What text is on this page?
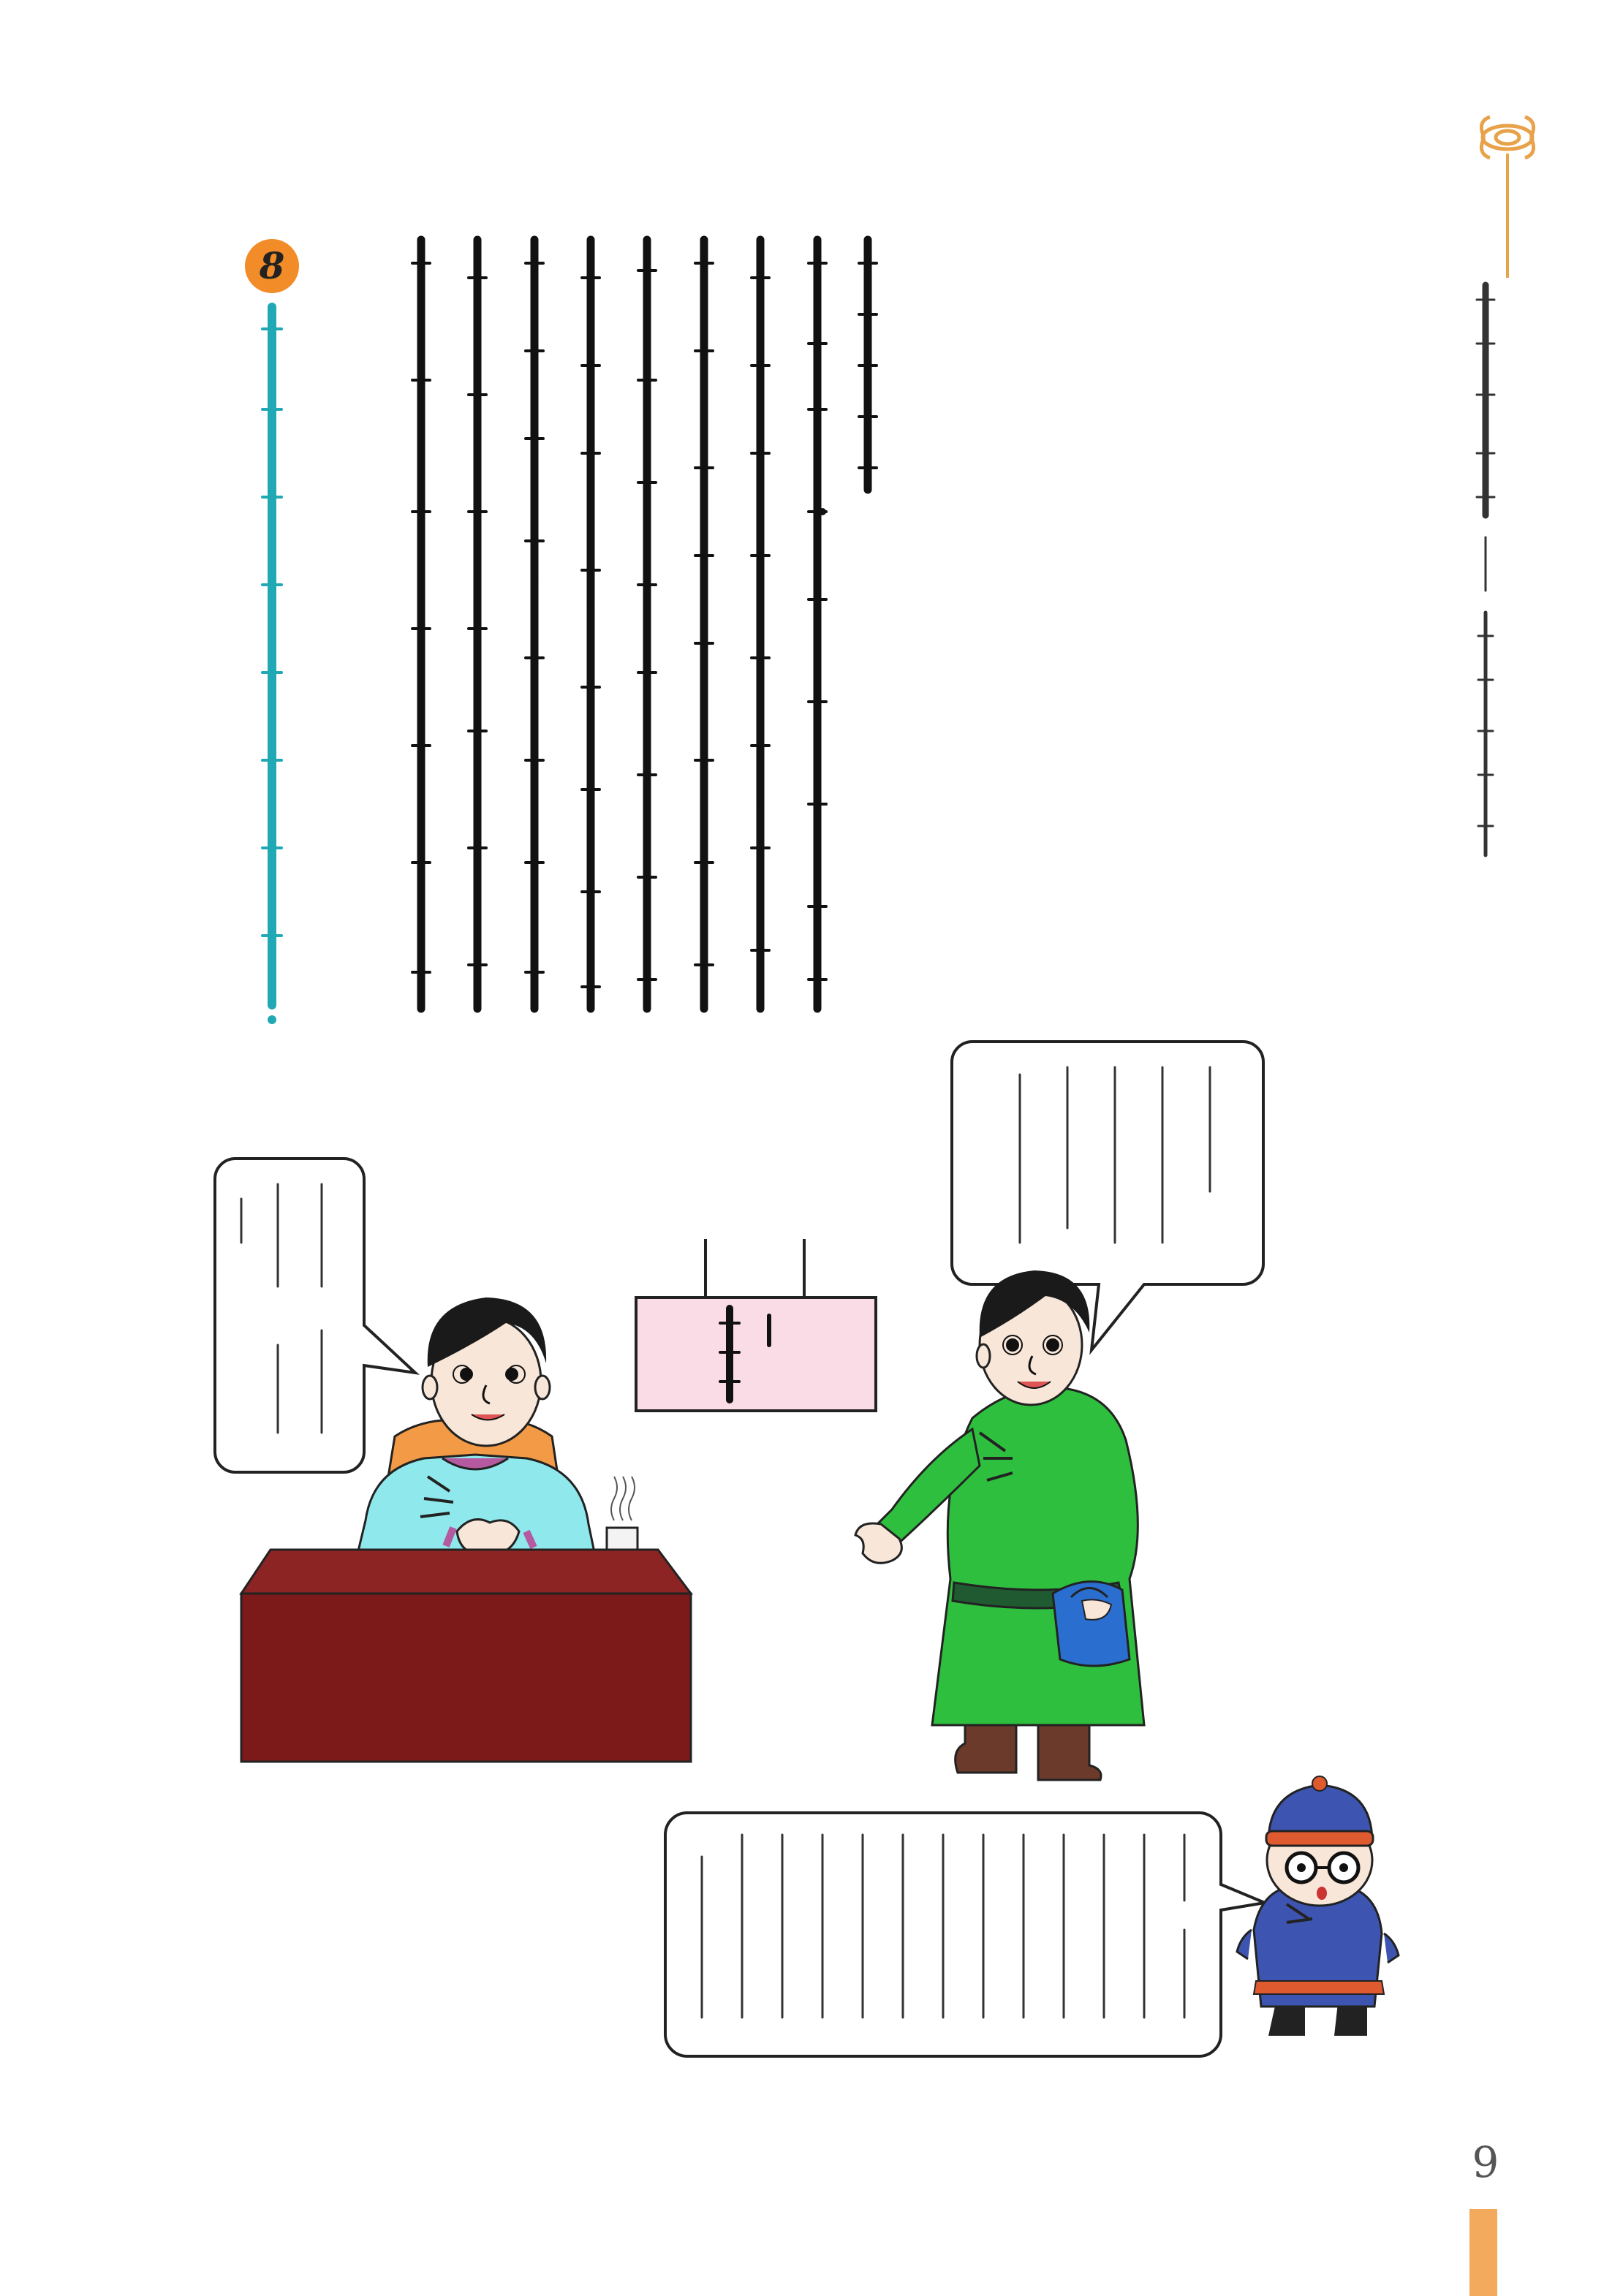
8
9
